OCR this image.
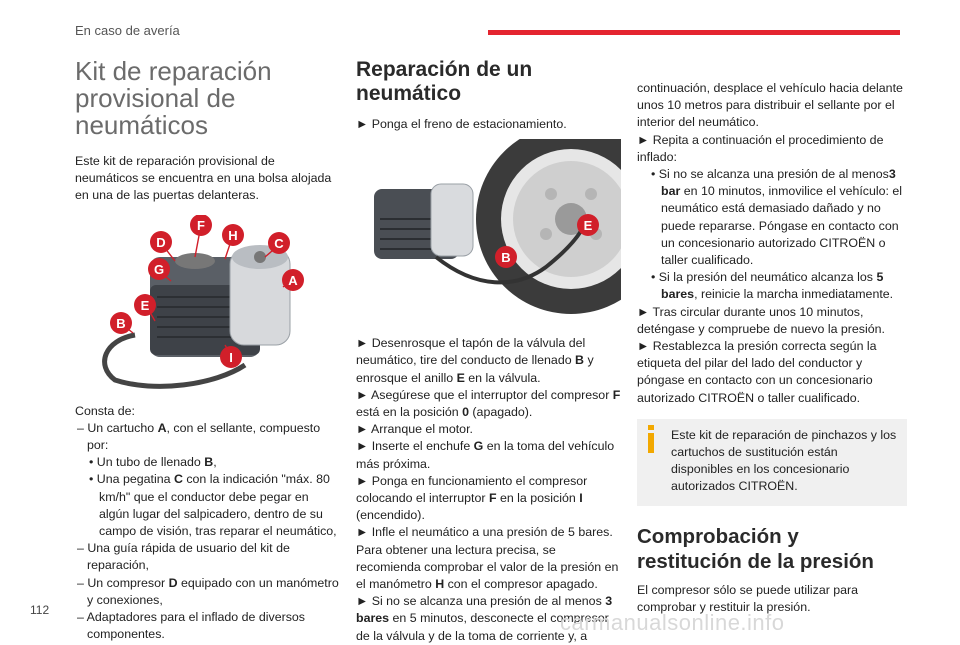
En caso de avería
Kit de reparación provisional de neumáticos

Este kit de reparación provisional de neumáticos se encuentra en una bolsa alojada en una de las puertas delanteras.

F
D	H
C
G
A
E
B
I

Consta de:

– Un cartucho A, con el sellante, compuesto por:

• Un tubo de llenado B,

• Una pegatina C con la indicación "máx. 80 km/h" que el conductor debe pegar en algún lugar del salpicadero, dentro de su campo de visión, tras reparar el neumático,

– Una guía rápida de usuario del kit de reparación,

– Un compresor D equipado con un manómetro y conexiones,

– Adaptadores para el inflado de diversos componentes.

Reparación de un neumático

► Ponga el freno de estacionamiento.

E
B

► Desenrosque el tapón de la válvula del neumático, tire del conducto de llenado B y enrosque el anillo E en la válvula.

► Asegúrese que el interruptor del compresor F está en la posición 0 (apagado).

► Arranque el motor.

► Inserte el enchufe G en la toma del vehículo más próxima.

► Ponga en funcionamiento el compresor colocando el interruptor F en la posición I (encendido).

► Infle el neumático a una presión de 5 bares. Para obtener una lectura precisa, se recomienda comprobar el valor de la presión en el manómetro H con el compresor apagado.

► Si no se alcanza una presión de al menos 3 bares en 5 minutos, desconecte el compresor de la válvula y de la toma de corriente y, a

continuación, desplace el vehículo hacia delante unos 10 metros para distribuir el sellante por el interior del neumático.

► Repita a continuación el procedimiento de inflado:

• Si no se alcanza una presión de al menos3 bar en 10 minutos, inmovilice el vehículo: el neumático está demasiado dañado y no puede repararse. Póngase en contacto con un concesionario autorizado CITROËN o taller cualificado.

• Si la presión del neumático alcanza los 5 bares, reinicie la marcha inmediatamente.

► Tras circular durante unos 10 minutos, deténgase y compruebe de nuevo la presión.

► Restablezca la presión correcta según la etiqueta del pilar del lado del conductor y póngase en contacto con un concesionario autorizado CITROËN o taller cualificado.

Este kit de reparación de pinchazos y los cartuchos de sustitución están disponibles en los concesionario autorizados CITROËN.

Comprobación y restitución de la presión

El compresor sólo se puede utilizar para comprobar y restituir la presión.

112	carmanualsonline.info
